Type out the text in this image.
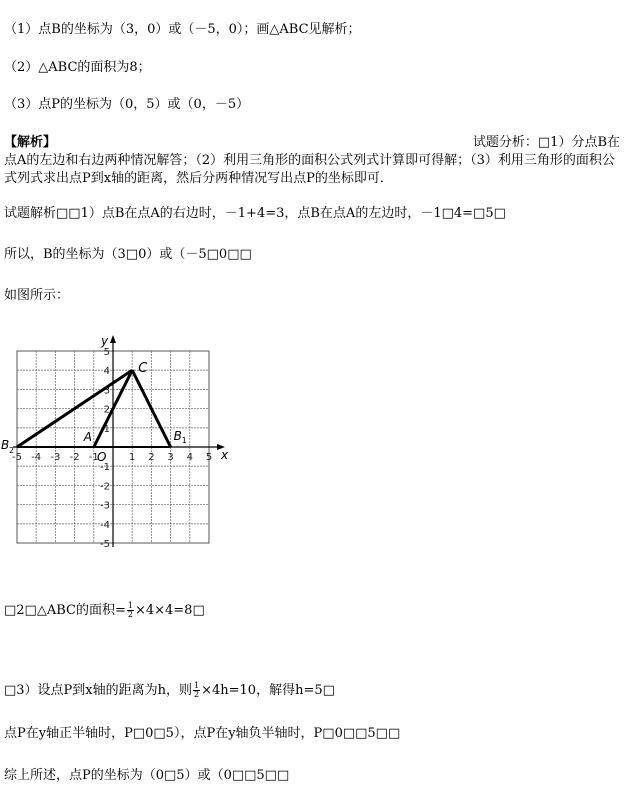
（1）点B的坐标为（3，0）或（－5，0）；画△ABC见解析；
（2）△ABC的面积为8；
（3）点P的坐标为（0，5）或（0，－5）
【解析】	试题分析：□1）分点B在
点A的左边和右边两种情况解答；（2）利用三角形的面积公式列式计算即可得解；（3）利用三角形的面积公式列式求出点P到x轴的距离，然后分两种情况写出点P的坐标即可．
试题解析□□1）点B在点A的右边时，－1+4=3，点B在点A的左边时，－1□4=□5□
所以，B的坐标为（3□0）或（－5□0□□
如图所示：
-5 -4 -3 -2 -1	1 2 3 4 5
5
4
3
2
1
-1
-2
-3
-4
-5
x
y
O
A
C
B 1
B 2
□2□△ABC的面积= $\frac{1}{2}$ ×4×4=8□
□3）设点P到x轴的距离为h，则 $\frac{1}{2} \times 4h=10$，解得h=5□
点P在y轴正半轴时，P□0□5），点P在y轴负半轴时，P□0□□5□□
综上所述，点P的坐标为（0□5）或（0□□5□□
